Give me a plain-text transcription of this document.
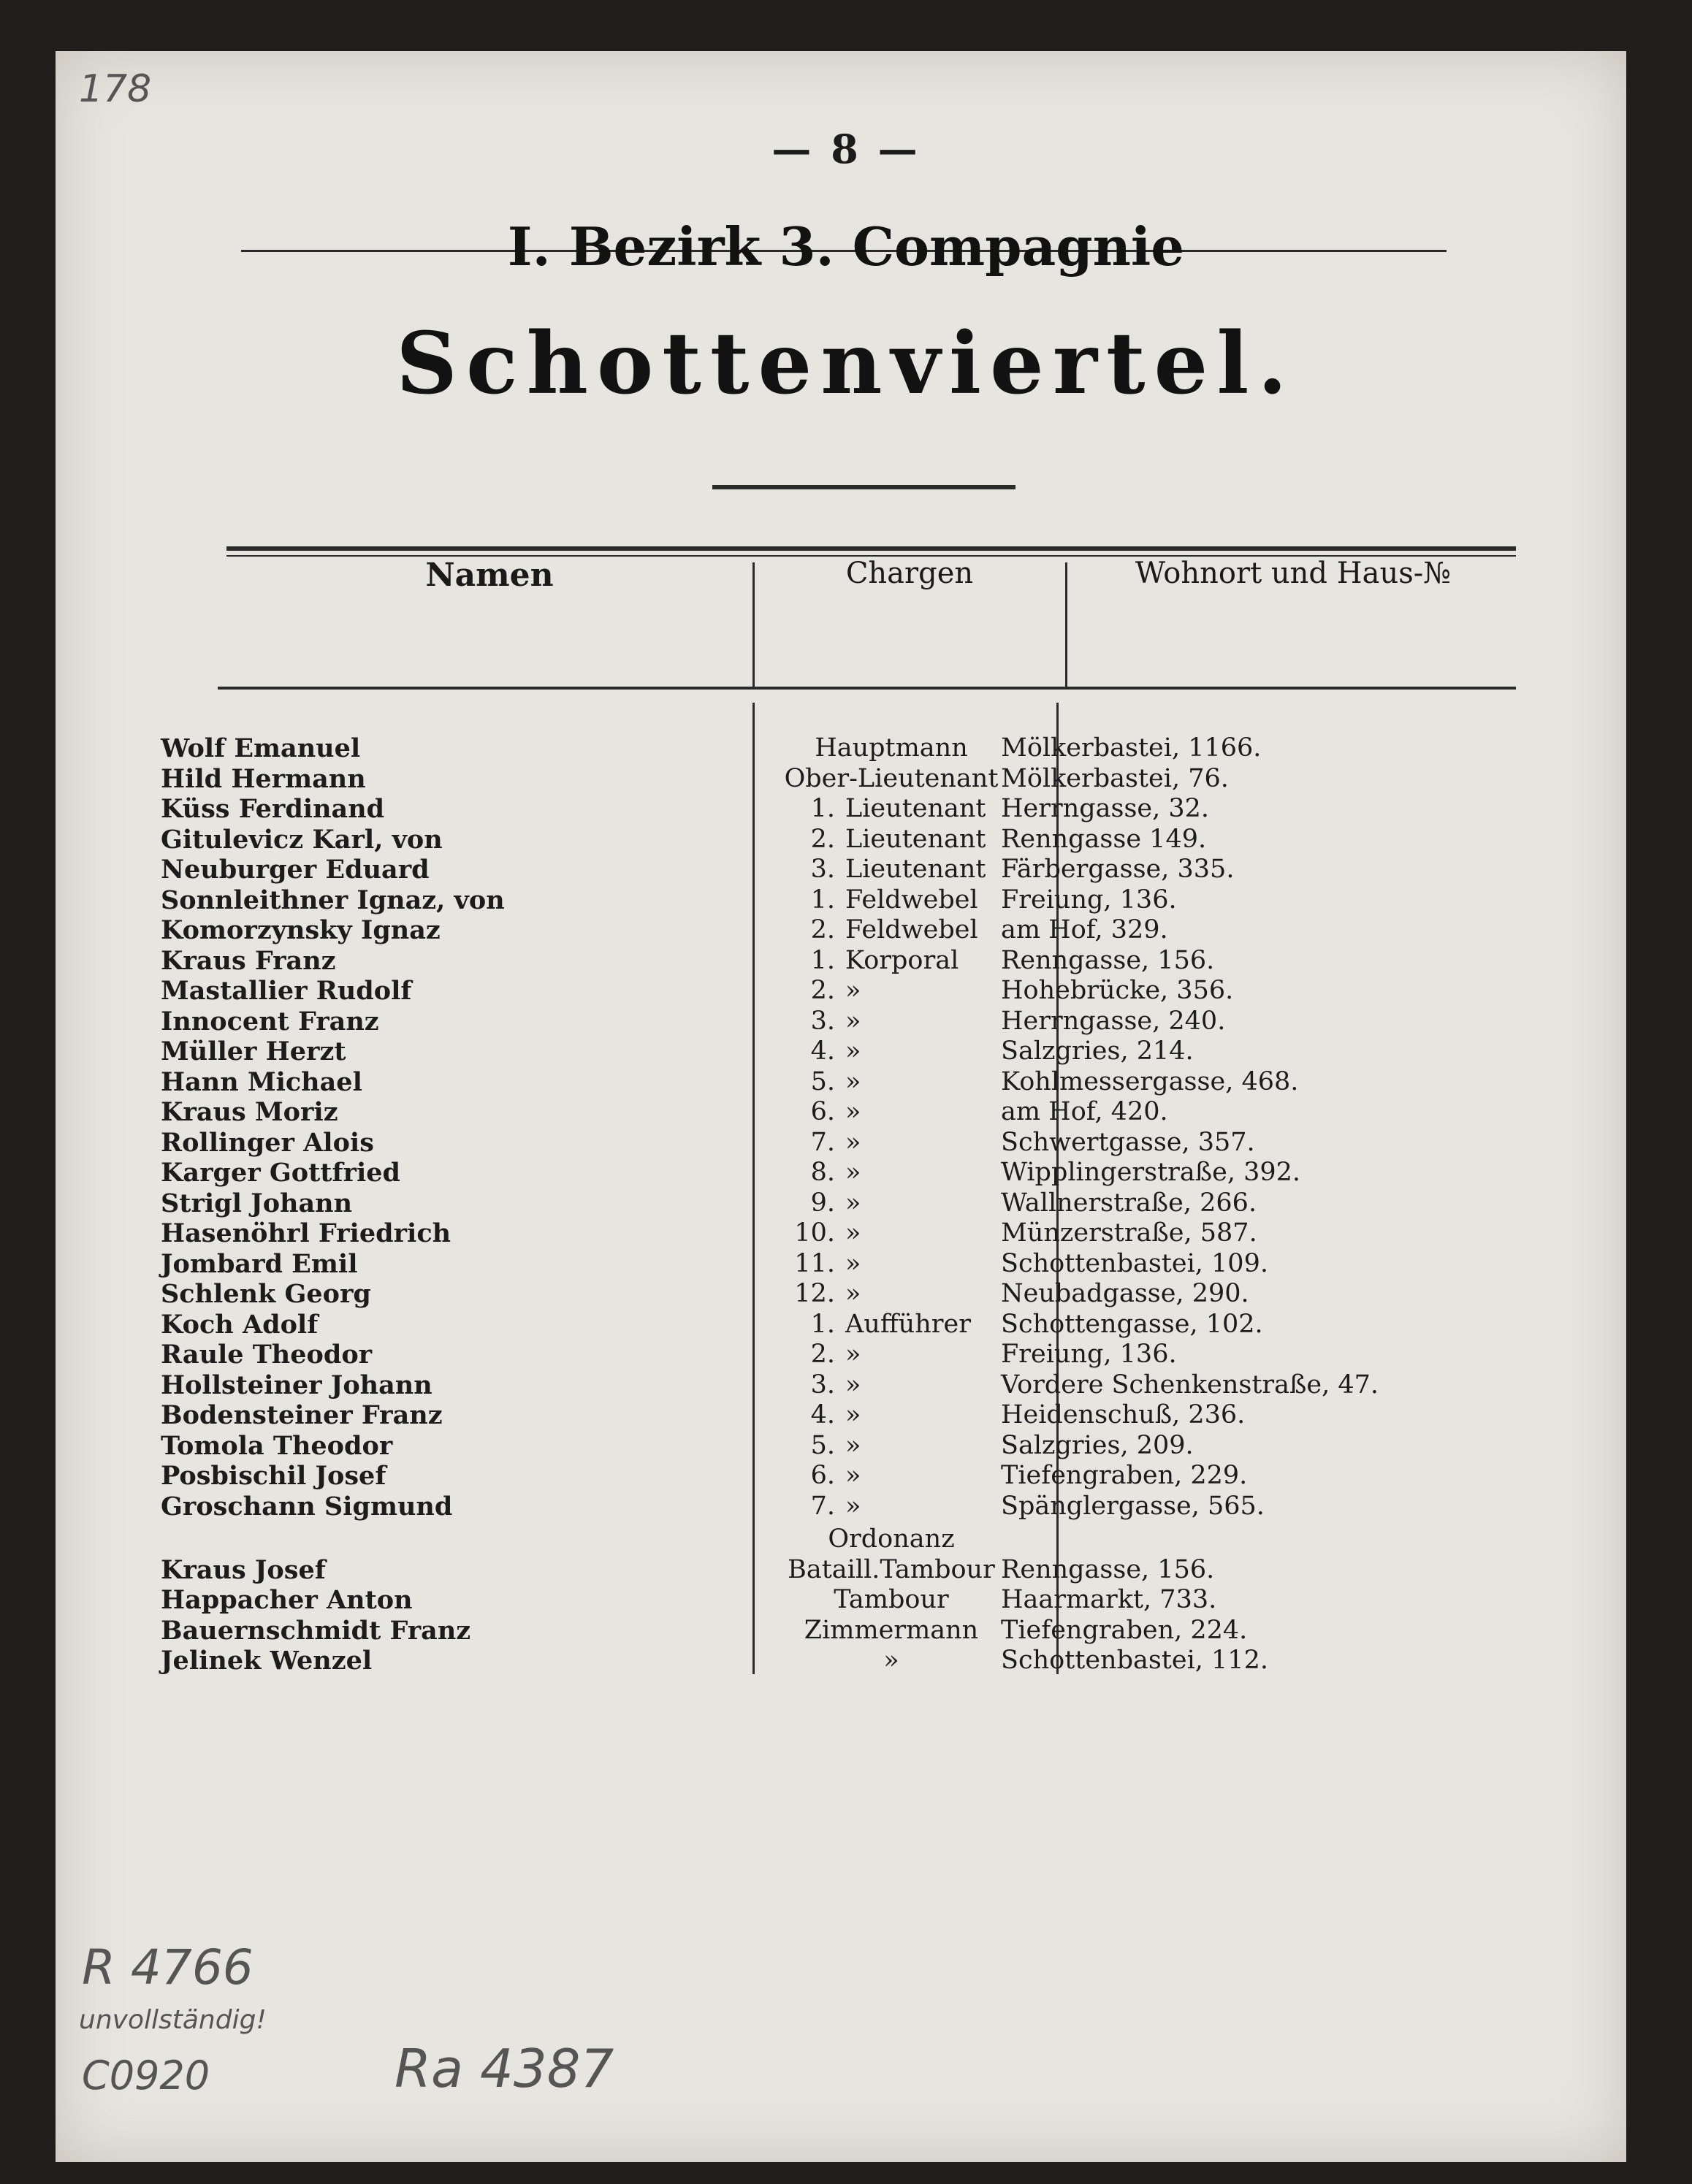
178
R 4766
unvollständig!
C0920	Ra 4387
— 8 —
I. Bezirk 3. Compagnie
Schottenviertel.
Namen	Chargen	Wohnort und Haus-№
Wolf Emanuel	Hauptmann	Mölkerbastei, 1166.
Hild Hermann	Ober-Lieutenant Mölkerbastei, 76.
Küss Ferdinand	1. Lieutenant Herrngasse, 32.
Gitulevicz Karl, von	2. Lieutenant Renngasse 149.
Neuburger Eduard	3. Lieutenant Färbergasse, 335.
Sonnleithner Ignaz, von	1. Feldwebel Freiung, 136.
Komorzynsky Ignaz	2. Feldwebel am Hof, 329.
Kraus Franz	1. Korporal	Renngasse, 156.
Mastallier Rudolf	2. »	Hohebrücke, 356.
Innocent Franz	3. »	Herrngasse, 240.
Müller Herzt	4. »	Salzgries, 214.
Hann Michael	5. »	Kohlmessergasse, 468.
Kraus Moriz	6. »	am Hof, 420.
Rollinger Alois	7. »	Schwertgasse, 357.
Karger Gottfried	8. »	Wipplingerstraße, 392.
Strigl Johann	9. »	Wallnerstraße, 266.
Hasenöhrl Friedrich	10. »	Münzerstraße, 587.
Jombard Emil	11. »	Schottenbastei, 109.
Schlenk Georg	12. »	Neubadgasse, 290.
Koch Adolf	1. Aufführer	Schottengasse, 102.
Raule Theodor	2. »	Freiung, 136.
Hollsteiner Johann	3. »	Vordere Schenkenstraße, 47.
Bodensteiner Franz	4. »	Heidenschuß, 236.
Tomola Theodor	5. »	Salzgries, 209.
Posbischil Josef	6. »	Tiefengraben, 229.
Groschann Sigmund	7. »	Spänglergasse, 565.
Ordonanz
Kraus Josef	Bataill.Tambour Renngasse, 156.
Happacher Anton	Tambour	Haarmarkt, 733.
Bauernschmidt Franz	Zimmermann Tiefengraben, 224.
Jelinek Wenzel	»	Schottenbastei, 112.
